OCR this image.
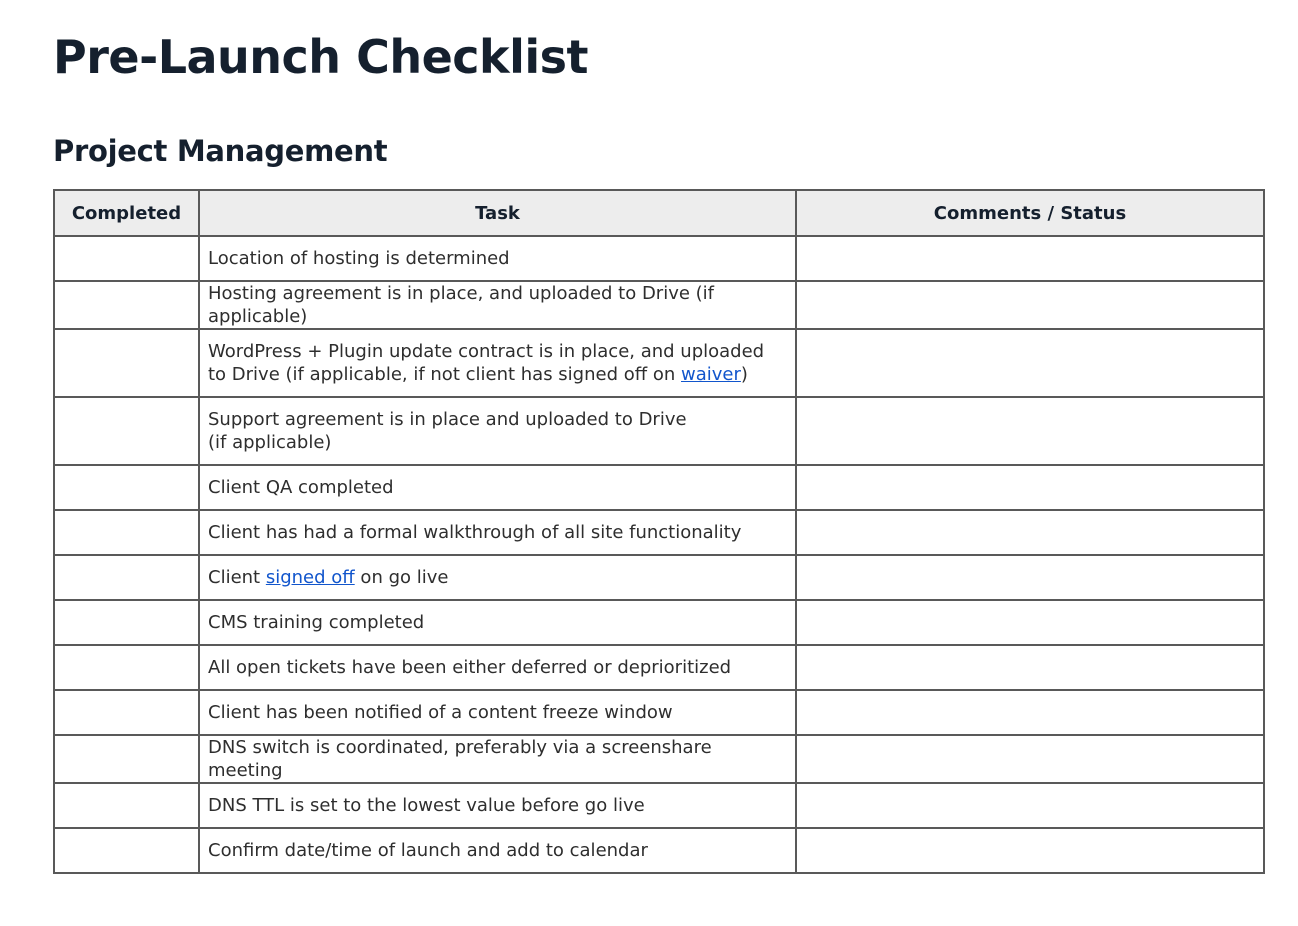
Pre-Launch Checklist
Project Management
Completed	Task	Comments / Status
	Location of hosting is determined	
	Hosting agreement is in place, and uploaded to Drive (if applicable)	
	WordPress + Plugin update contract is in place, and uploaded to Drive (if applicable, if not client has signed off on waiver)	
	Support agreement is in place and uploaded to Drive (if applicable)	
	Client QA completed	
	Client has had a formal walkthrough of all site functionality	
	Client signed off on go live	
	CMS training completed	
	All open tickets have been either deferred or deprioritized	
	Client has been notified of a content freeze window	
	DNS switch is coordinated, preferably via a screenshare meeting	
	DNS TTL is set to the lowest value before go live	
	Confirm date/time of launch and add to calendar	
